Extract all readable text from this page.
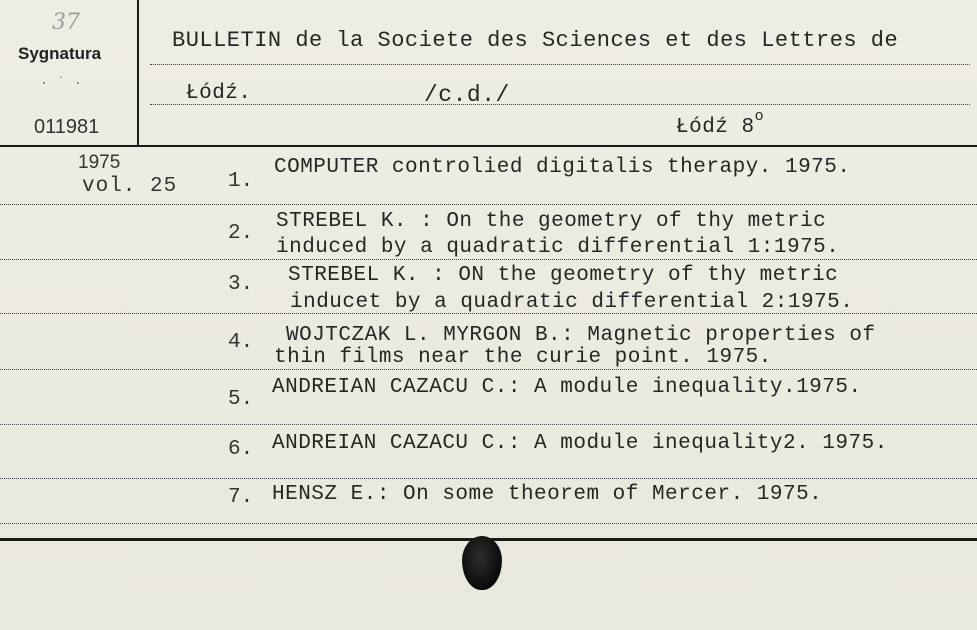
37
Sygnatura
· ˙ ·
011981
BULLETIN de la Societe des Sciences et des Lettres de
Łódź.	/c.d./
Łódź 8$^o$
1975
vol. 25 1.
COMPUTER controlied digitalis therapy. 1975.
2.
STREBEL K. : On the geometry of thy metric
induced by a quadratic differential 1:1975.
3. STREBEL K. : ON the geometry of thy metric
inducet by a quadratic differential 2:1975.
4. WOJTCZAK L. MYRGON B.: Magnetic properties of
thin films near the curie point. 1975.
5.
ANDREIAN CAZACU C.: A module inequality.1975.
6. ANDREIAN CAZACU C.: A module inequality2. 1975.
7. HENSZ E.: On some theorem of Mercer. 1975.
